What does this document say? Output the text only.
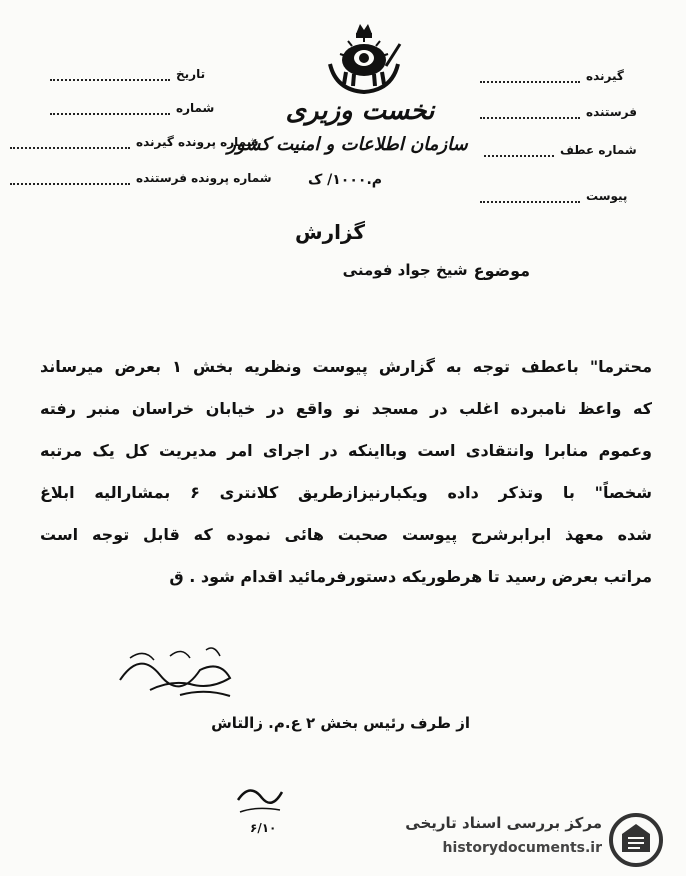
نخست وزیری
سازمان اطلاعات و امنیت کشور
م.۱۰۰۰/ ک
تاریخ
شماره
شماره پرونده گیرنده
شماره پرونده فرستنده
گیرنده
فرستنده
شماره عطف
پیوست
گزارش
موضوع
شیخ جواد فومنی
محترما" باعطف توجه به گزارش پیوست ونظریه بخش ۱ بعرض میرساند
که واعظ نامبرده اغلب در مسجد نو واقع در خیابان خراسان منبر رفته
وعموم منابرا وانتقادی است وبااینکه در اجرای امر مدیریت کل یک مرتبه
شخصاً" با وتذکر داده ویکبارنیزازطریق کلانتری ۶ بمشارالیه ابلاغ
شده معهذ ابرابرشرح پیوست صحبت هائی نموده که قابل توجه است
مراتب بعرض رسید تا هرطوریکه دستورفرمائید اقدام شود . ق
از طرف رئیس بخش ۲ ع.م. زالتاش
۶/۱۰	مرکز بررسی اسناد تاریخی
historydocuments.ir
